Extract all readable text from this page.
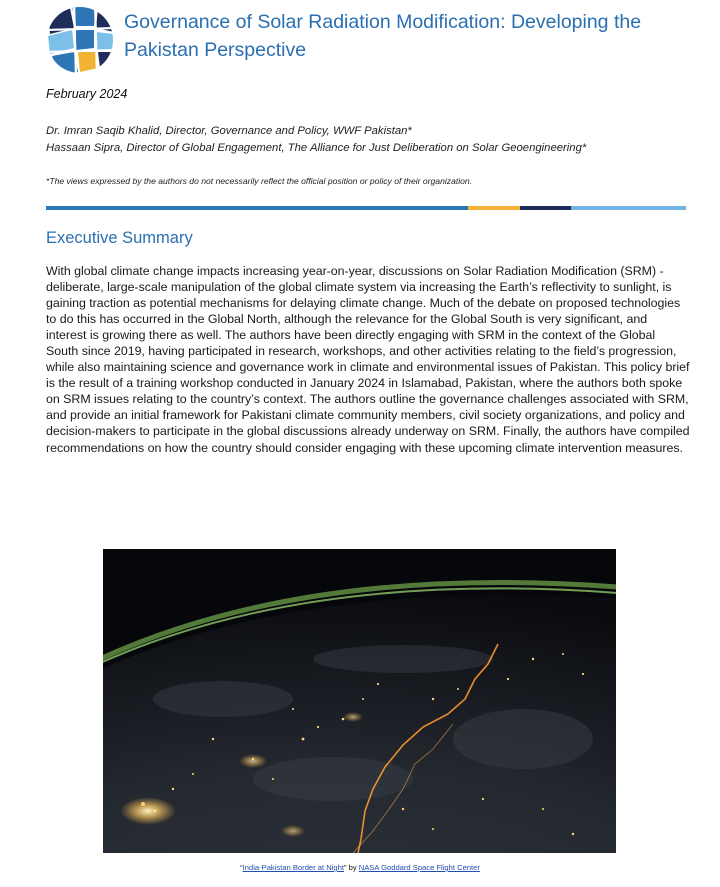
Governance of Solar Radiation Modification: Developing the Pakistan Perspective
February 2024
Dr. Imran Saqib Khalid, Director, Governance and Policy, WWF Pakistan*
Hassaan Sipra, Director of Global Engagement, The Alliance for Just Deliberation on Solar Geoengineering*
*The views expressed by the authors do not necessarily reflect the official position or policy of their organization.
Executive Summary

With global climate change impacts increasing year-on-year, discussions on Solar Radiation Modification (SRM) - deliberate, large-scale manipulation of the global climate system via increasing the Earth’s reflectivity to sunlight, is gaining traction as potential mechanisms for delaying climate change. Much of the debate on proposed technologies to do this has occurred in the Global North, although the relevance for the Global South is very significant, and interest is growing there as well. The authors have been directly engaging with SRM in the context of the Global South since 2019, having participated in research, workshops, and other activities relating to the field’s progression, while also maintaining science and governance work in climate and environmental issues of Pakistan. This policy brief is the result of a training workshop conducted in January 2024 in Islamabad, Pakistan, where the authors both spoke on SRM issues relating to the country’s context. The authors outline the governance challenges associated with SRM, and provide an initial framework for Pakistani climate community members, civil society organizations, and policy and decision-makers to participate in the global discussions already underway on SRM. Finally, the authors have compiled recommendations on how the country should consider engaging with these upcoming climate intervention measures.

“India-Pakistan Border at Night” by NASA Goddard Space Flight Center
